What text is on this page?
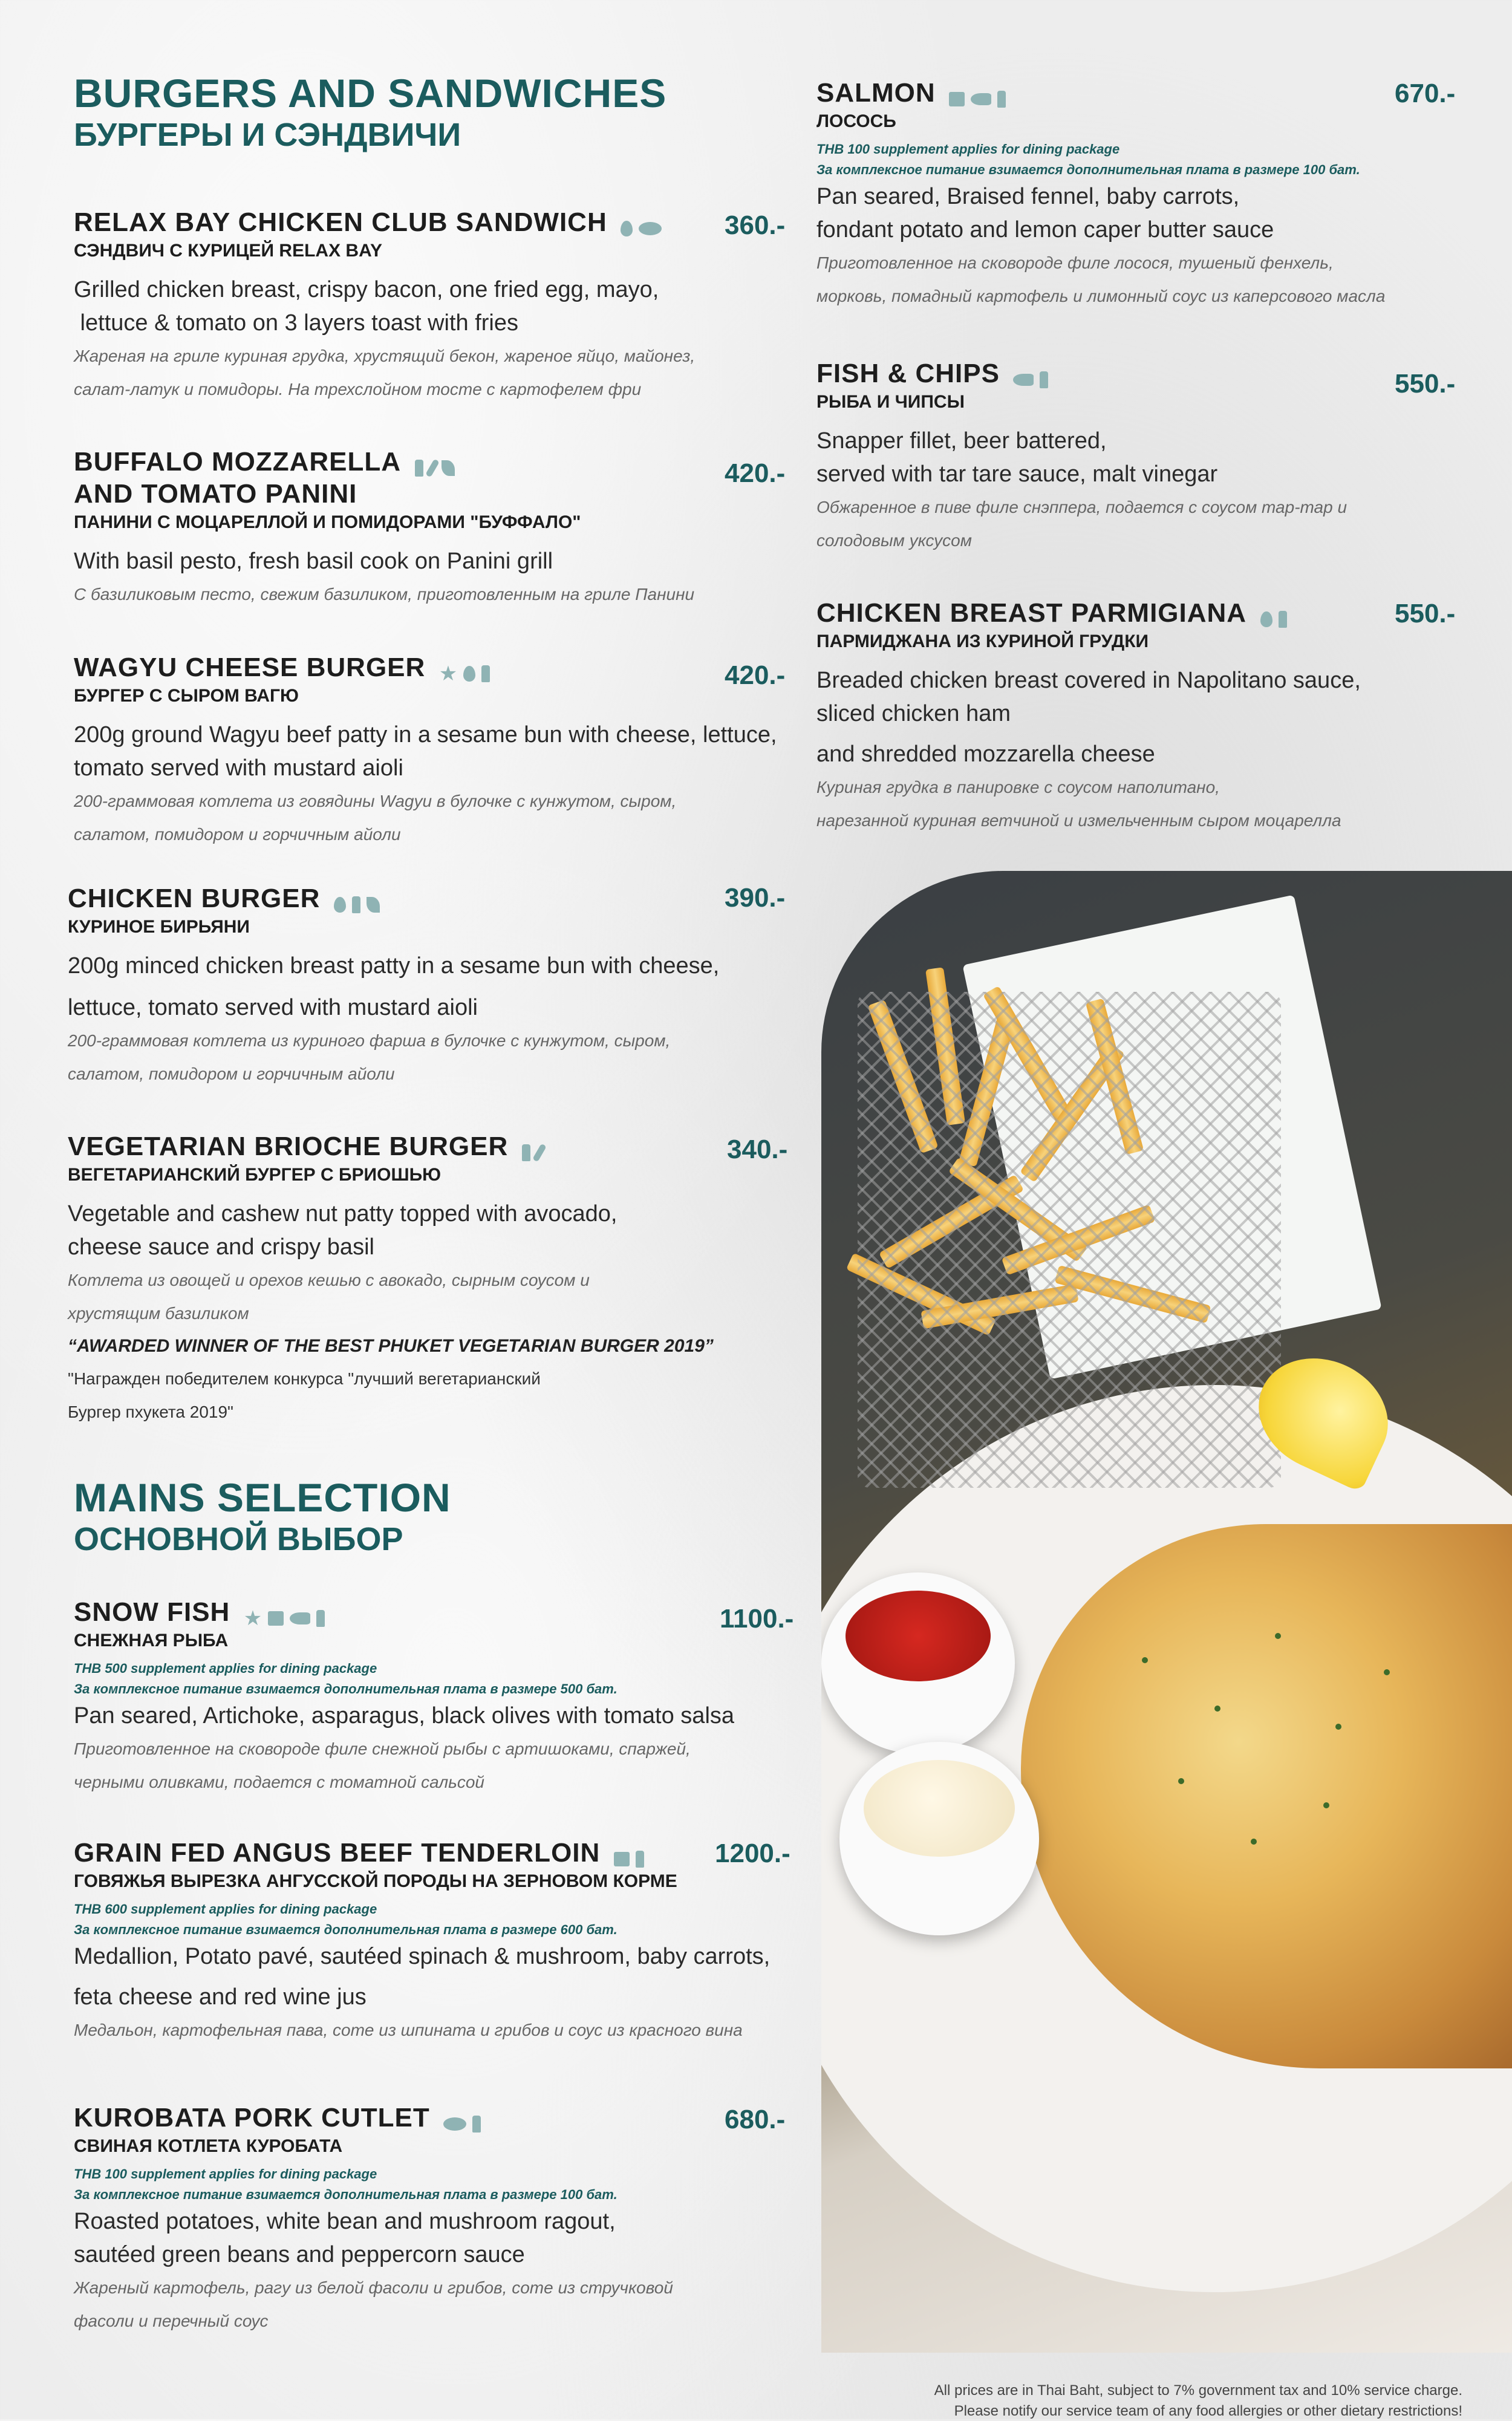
BURGERS AND SANDWICHES
БУРГЕРЫ И СЭНДВИЧИ
RELAX BAY CHICKEN CLUB SANDWICH
СЭНДВИЧ С КУРИЦЕЙ RELAX BAY
Grilled chicken breast, crispy bacon, one fried egg, mayo,
lettuce & tomato on 3 layers toast with fries
Жареная на гриле куриная грудка, хрустящий бекон, жареное яйцо, майонез,
салат-латук и помидоры. На трехслойном тосте с картофелем фри
360.-
BUFFALO MOZZARELLA
AND TOMATO PANINI
ПАНИНИ С МОЦАРЕЛЛОЙ И ПОМИДОРАМИ "БУФФАЛО"
With basil pesto, fresh basil cook on Panini grill
С базиликовым песто, свежим базиликом, приготовленным на гриле Панини
420.-
WAGYU CHEESE BURGER ★
БУРГЕР С СЫРОМ ВАГЮ
200g ground Wagyu beef patty in a sesame bun with cheese, lettuce,
tomato served with mustard aioli
200-граммовая котлета из говядины Wagyu в булочке с кунжутом, сыром,
салатом, помидором и горчичным айоли
420.-
CHICKEN BURGER
КУРИНОЕ БИРЬЯНИ
200g minced chicken breast patty in a sesame bun with cheese,
lettuce, tomato served with mustard aioli
200-граммовая котлета из куриного фарша в булочке с кунжутом, сыром,
салатом, помидором и горчичным айоли
390.-
VEGETARIAN BRIOCHE BURGER
ВЕГЕТАРИАНСКИЙ БУРГЕР С БРИОШЬЮ
Vegetable and cashew nut patty topped with avocado,
cheese sauce and crispy basil
Котлета из овощей и орехов кешью с авокадо, сырным соусом и
хрустящим базиликом
“AWARDED WINNER OF THE BEST PHUKET VEGETARIAN BURGER 2019”
"Награжден победителем конкурса "лучший вегетарианский
Бургер пхукета 2019"
340.-
MAINS SELECTION
ОСНОВНОЙ ВЫБОР
SNOW FISH ★
СНЕЖНАЯ РЫБА
THB 500 supplement applies for dining package
За комплексное питание взимается дополнительная плата в размере 500 бат.
Pan seared, Artichoke, asparagus, black olives with tomato salsa
Приготовленное на сковороде филе снежной рыбы с артишоками, спаржей,
черными оливками, подается с томатной сальсой
1100.-
GRAIN FED ANGUS BEEF TENDERLOIN
ГОВЯЖЬЯ ВЫРЕЗКА АНГУССКОЙ ПОРОДЫ НА ЗЕРНОВОМ КОРМЕ
THB 600 supplement applies for dining package
За комплексное питание взимается дополнительная плата в размере 600 бат.
Medallion, Potato pavé, sautéed spinach & mushroom, baby carrots,
feta cheese and red wine jus
Медальон, картофельная пава, соте из шпината и грибов и соус из красного вина
1200.-
KUROBATA PORK CUTLET
СВИНАЯ КОТЛЕТА КУРОБАТА
THB 100 supplement applies for dining package
За комплексное питание взимается дополнительная плата в размере 100 бат.
Roasted potatoes, white bean and mushroom ragout,
sautéed green beans and peppercorn sauce
Жареный картофель, рагу из белой фасоли и грибов, соте из стручковой
фасоли и перечный соус
680.-
SALMON
ЛОСОСЬ
THB 100 supplement applies for dining package
За комплексное питание взимается дополнительная плата в размере 100 бат.
Pan seared, Braised fennel, baby carrots,
fondant potato and lemon caper butter sauce
Приготовленное на сковороде филе лосося, тушеный фенхель,
морковь, помадный картофель и лимонный соус из каперсового масла
670.-
FISH & CHIPS
РЫБА И ЧИПСЫ
Snapper fillet, beer battered,
served with tar tare sauce, malt vinegar
Обжаренное в пиве филе снэппера, подается с соусом тар-тар и
солодовым уксусом
550.-
CHICKEN BREAST PARMIGIANA
ПАРМИДЖАНА ИЗ КУРИНОЙ ГРУДКИ
Breaded chicken breast covered in Napolitano sauce,
sliced chicken ham
and shredded mozzarella cheese
Куриная грудка в панировке с соусом наполитано,
нарезанной куриная ветчиной и измельченным сыром моцарелла
550.-
All prices are in Thai Baht, subject to 7% government tax and 10% service charge.
Please notify our service team of any food allergies or other dietary restrictions!
